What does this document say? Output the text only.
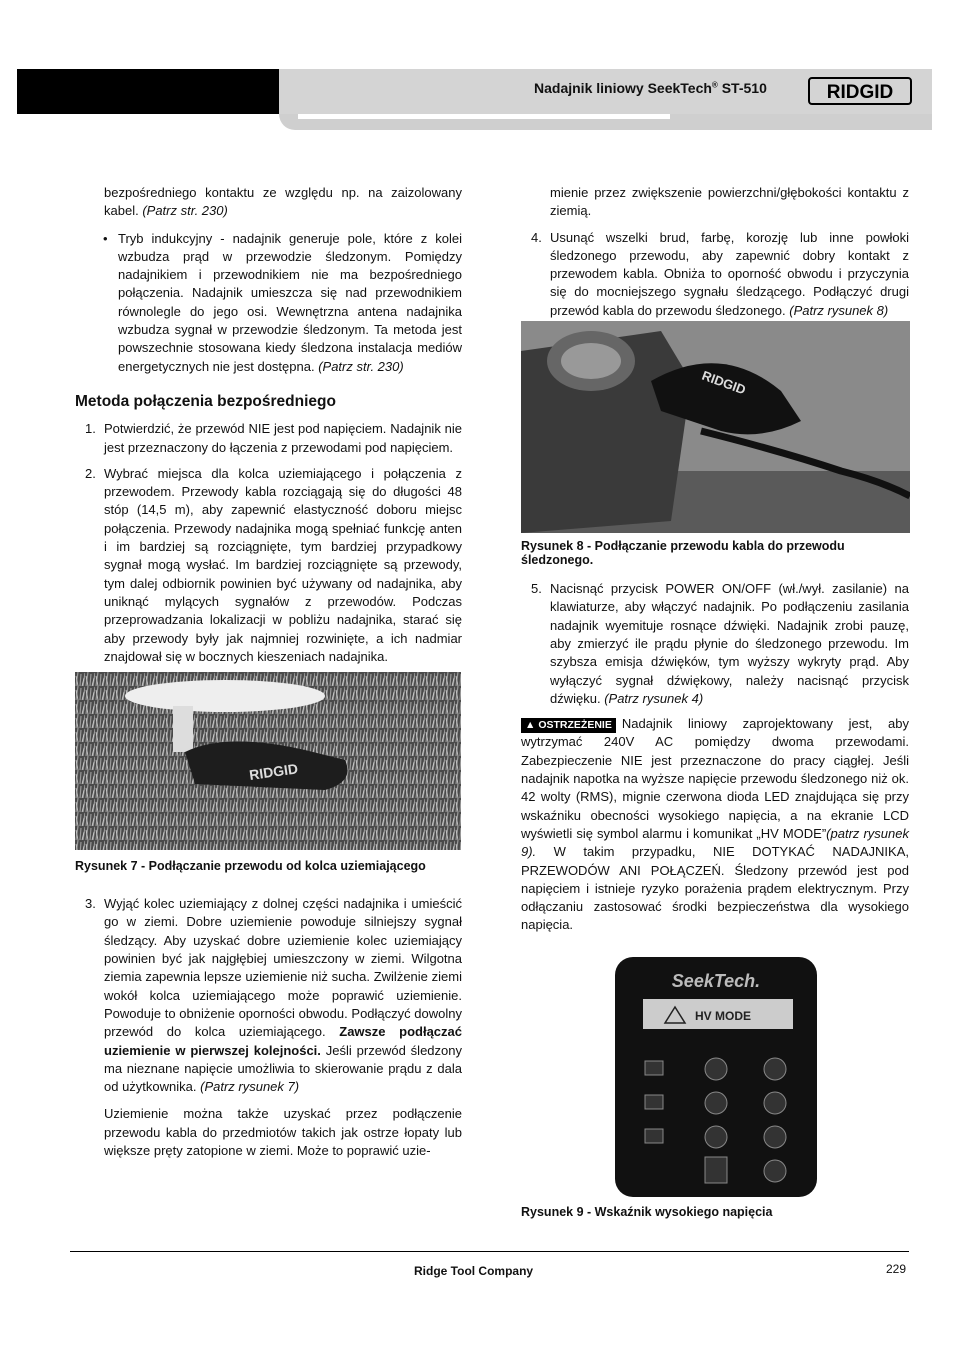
Nadajnik liniowy SeekTech® ST-510	RIDGID

bezpośredniego kontaktu ze względu np. na zaizolowany kabel. (Patrz str. 230)

• Tryb indukcyjny - nadajnik generuje pole, które z kolei wzbudza prąd w przewodzie śledzonym. Pomiędzy nadajnikiem i przewodnikiem nie ma bezpośredniego połączenia. Nadajnik umieszcza się nad przewodnikiem równolegle do jego osi. Wewnętrzna antena nadajnika wzbudza sygnał w przewodzie śledzonym. Ta metoda jest powszechnie stosowana kiedy śledzona instalacja mediów energetycznych nie jest dostępna. (Patrz str. 230)
Metoda połączenia bezpośredniego
1. Potwierdzić, że przewód NIE jest pod napięciem. Nadajnik nie jest przeznaczony do łączenia z przewodami pod napięciem.
2. Wybrać miejsca dla kolca uziemiającego i połączenia z przewodem. Przewody kabla rozciągają się do długości 48 stóp (14,5 m), aby zapewnić elastyczność doboru miejsc połączenia. Przewody nadajnika mogą spełniać funkcję anten i im bardziej są rozciągnięte, tym bardziej przypadkowy sygnał mogą wysłać. Im bardziej rozciągnięte są przewody, tym dalej odbiornik powinien być używany od nadajnika, aby uniknąć mylących sygnałów z przewodów. Podczas przeprowadzania lokalizacji w pobliżu nadajnika, starać się aby przewody były jak najmniej rozwinięte, a ich nadmiar znajdował się w bocznych kieszeniach nadajnika.
RIDGID

Rysunek 7 - Podłączanie przewodu od kolca uziemiającego

3. Wyjąć kolec uziemiający z dolnej części nadajnika i umieścić go w ziemi. Dobre uziemienie powoduje silniejszy sygnał śledzący. Aby uzyskać dobre uziemienie kolec uziemiający powinien być jak najgłębiej umieszczony w ziemi. Wilgotna ziemia zapewnia lepsze uziemienie niż sucha. Zwilżenie ziemi wokół kolca uziemiającego może poprawić uziemienie. Powoduje to obniżenie oporności obwodu. Podłączyć dowolny przewód do kolca uziemiającego. Zawsze podłączać uziemienie w pierwszej kolejności. Jeśli przewód śledzony ma nieznane napięcie umożliwia to skierowanie prądu z dala od użytkownika. (Patrz rysunek 7)

Uziemienie można także uzyskać przez podłączenie przewodu kabla do przedmiotów takich jak ostrze łopaty lub większe pręty zatopione w ziemi. Może to poprawić uzie-

mienie przez zwiększenie powierzchni/głębokości kontaktu z ziemią.

4. Usunąć wszelki brud, farbę, korozję lub inne powłoki śledzonego przewodu, aby zapewnić dobry kontakt z przewodem kabla. Obniża to oporność obwodu i przyczynia się do mocniejszego sygnału śledzącego. Podłączyć drugi przewód kabla do przewodu śledzonego. (Patrz rysunek 8)
RIDGID

Rysunek 8 - Podłączanie przewodu kabla do przewodu śledzonego.

5. Nacisnąć przycisk POWER ON/OFF (wł./wył. zasilanie) na klawiaturze, aby włączyć nadajnik. Po podłączeniu zasilania nadajnik wyemituje rosnące dźwięki. Nadajnik zrobi pauzę, aby zmierzyć ile prądu płynie do śledzonego przewodu. Im szybsza emisja dźwięków, tym wyższy wykryty prąd. Aby wyłączyć sygnał dźwiękowy, należy nacisnąć przycisk dźwięku. (Patrz rysunek 4)

▲ OSTRZEŻENIE Nadajnik liniowy zaprojektowany jest, aby wytrzymać 240V AC pomiędzy dwoma przewodami. Zabezpieczenie NIE jest przeznaczone do pracy ciągłej. Jeśli nadajnik napotka na wyższe napięcie przewodu śledzonego niż ok. 42 wolty (RMS), mignie czerwona dioda LED znajdująca się przy wskaźniku obecności wysokiego napięcia, a na ekranie LCD wyświetli się symbol alarmu i komunikat „HV MODE”(patrz rysunek 9). W takim przypadku, NIE DOTYKAĆ NADAJNIKA, PRZEWODÓW ANI POŁĄCZEŃ. Śledzony przewód jest pod napięciem i istnieje ryzyko porażenia prądem elektrycznym. Przy odłączaniu zastosować środki bezpieczeństwa dla wysokiego napięcia.

SeekTech.
HV MODE

Rysunek 9 - Wskaźnik wysokiego napięcia

Ridge Tool Company	229
